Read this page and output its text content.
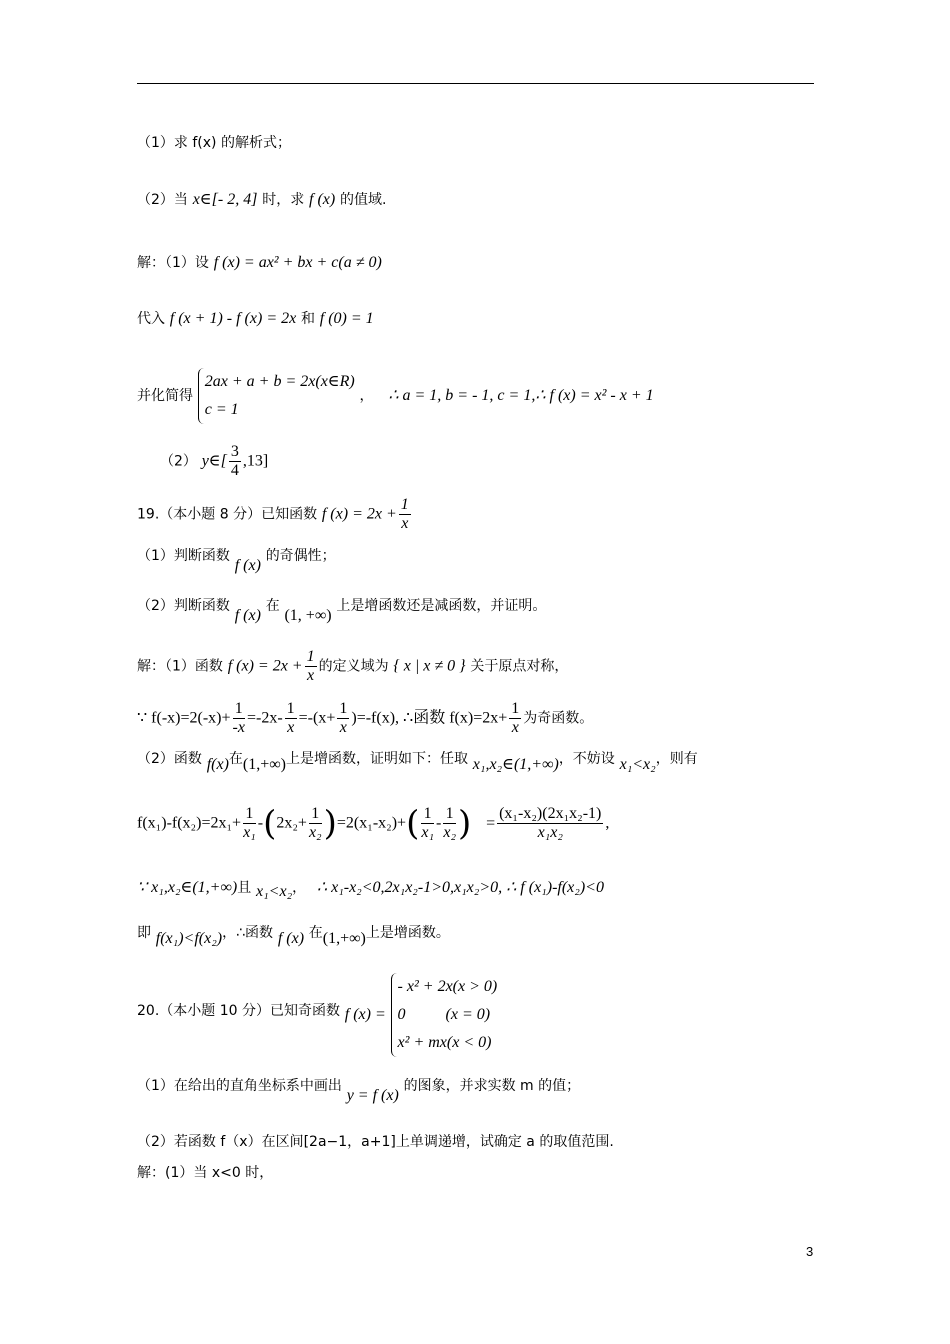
（1）求 f(x) 的解析式；
（2）当 x∈[- 2, 4] 时，求 f (x) 的值域.
解：（1）设 f (x) = ax² + bx + c(a ≠ 0)
代入 f (x + 1) - f (x) = 2x 和 f (0) = 1
并化简得
2ax + a + b = 2x(x∈R)
c = 1
， ∴ a = 1, b = - 1, c = 1,∴ f (x) = x² - x + 1
（2） y∈[ $\frac{3}{4} ,13$]
19.（本小题 8 分）已知函数 f $(x) = 2x + \frac{1}{x}$
（1）判断函数 f (x) 的奇偶性；
（2）判断函数 f (x) 在 (1, +∞) 上是增函数还是减函数，并证明。
解：（1）函数 f $(x) = 2x + \frac{1}{x}$ 的定义域为 { x | x ≠ 0 } 关于原点对称，
∵ $f(-x)=2(-x)+ \frac{1}{-x} =-2x- \frac{1}{x} =-(x+ \frac{1}{x} )=-f(x)$, ∴函数 $f(x)=2x+ \frac{1}{x}$ 为奇函数。
（2）函数 f(x)在(1,+∞)上是增函数，证明如下：任取 x₁,x₂∈(1,+∞)，不妨设 x₁<x₂，则有
$f(x_1)-f(x_2)=2x_1+ \frac{1}{\text{x₁}} -(2x_2+ \frac{1}{\text{x₂}} )=2(x_1-x_2)+( \frac{1}{\text{x₁}} - \frac{1}{\text{x₂}}$ ) = $\frac{\text{(x₁-x₂)(2x₁x₂-1)}}{\text{x₁x₂}}$ ,
∵ x₁,x₂∈(1,+∞)且 x₁<x₂， ∴ x₁-x₂<0,2x₁x₂-1>0,x₁x₂>0, ∴ f (x₁)-f(x₂)<0
即 f(x₁)<f(x₂)，∴函数 f (x) 在(1,+∞)上是增函数。
20.（本小题 10 分）已知奇函数 f (x) =
- x² + 2x(x > 0)
0          (x = 0)
x² + mx(x < 0)
（1）在给出的直角坐标系中画出 y = f (x) 的图象，并求实数 m 的值；
（2）若函数 f（x）在区间[2a−1，a+1]上单调递增，试确定 a 的取值范围.
解：(1）当 x<0 时，
3
